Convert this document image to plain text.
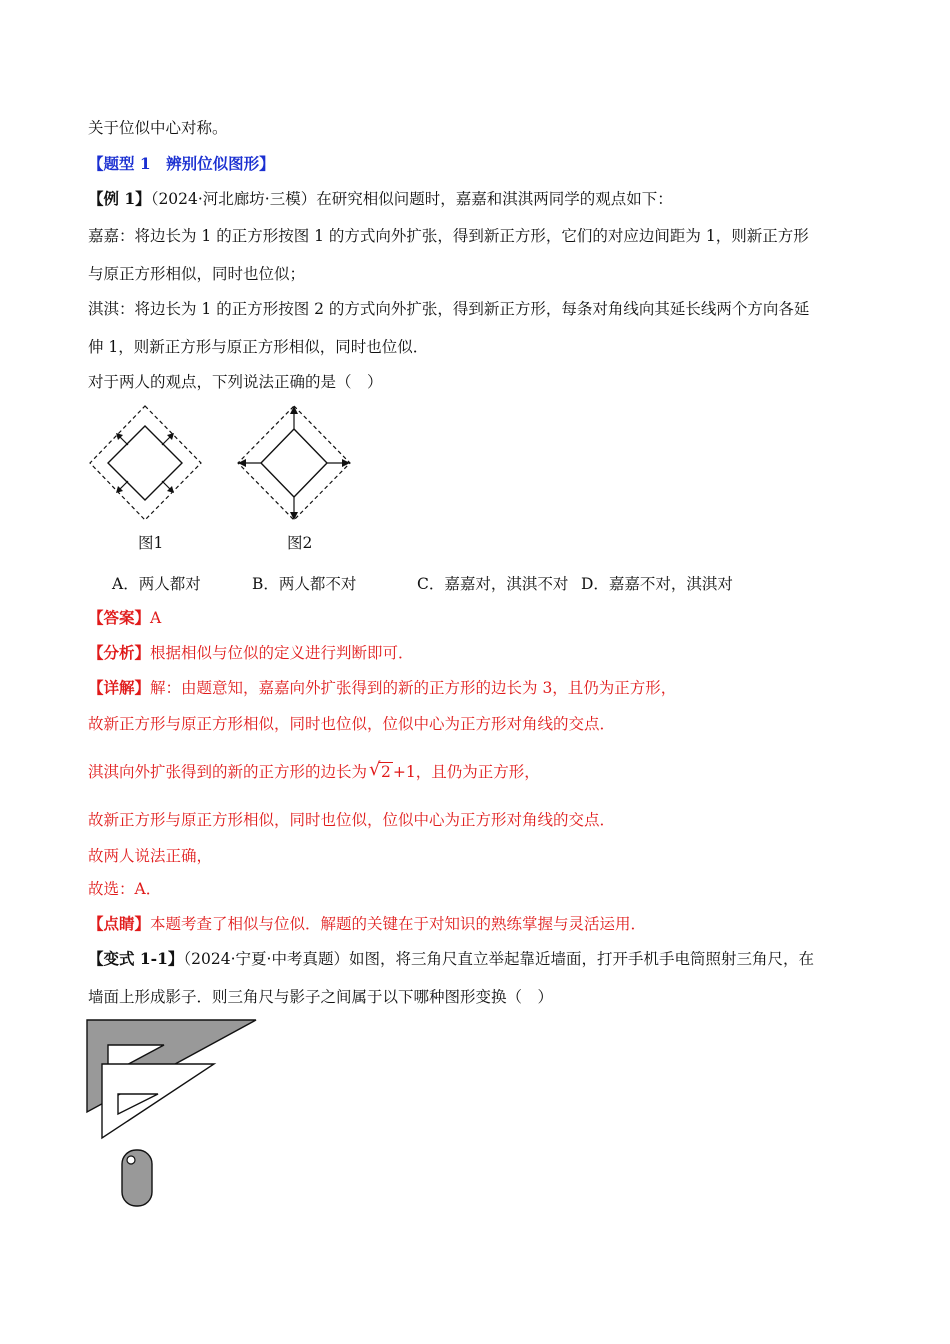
关于位似中心对称。
【题型 1　辨别位似图形】
【例 1】（2024·河北廊坊·三模）在研究相似问题时，嘉嘉和淇淇两同学的观点如下：
嘉嘉：将边长为 1 的正方形按图 1 的方式向外扩张，得到新正方形，它们的对应边间距为 1，则新正方形
与原正方形相似，同时也位似；
淇淇：将边长为 1 的正方形按图 2 的方式向外扩张，得到新正方形，每条对角线向其延长线两个方向各延
伸 1，则新正方形与原正方形相似，同时也位似．
对于两人的观点，下列说法正确的是（　）
图1	图2
A．两人都对	B．两人都不对	C．嘉嘉对，淇淇不对 D．嘉嘉不对，淇淇对
【答案】A
【分析】根据相似与位似的定义进行判断即可．
【详解】解：由题意知，嘉嘉向外扩张得到的新的正方形的边长为 3，且仍为正方形，
故新正方形与原正方形相似，同时也位似，位似中心为正方形对角线的交点．
淇淇向外扩张得到的新的正方形的边长为 √ 2 +1，且仍为正方形，
故新正方形与原正方形相似，同时也位似，位似中心为正方形对角线的交点．
故两人说法正确，
故选：A．
【点睛】本题考查了相似与位似．解题的关键在于对知识的熟练掌握与灵活运用．
【变式 1-1】（2024·宁夏·中考真题）如图，将三角尺直立举起靠近墙面，打开手机手电筒照射三角尺，在
墙面上形成影子．则三角尺与影子之间属于以下哪种图形变换（　）
